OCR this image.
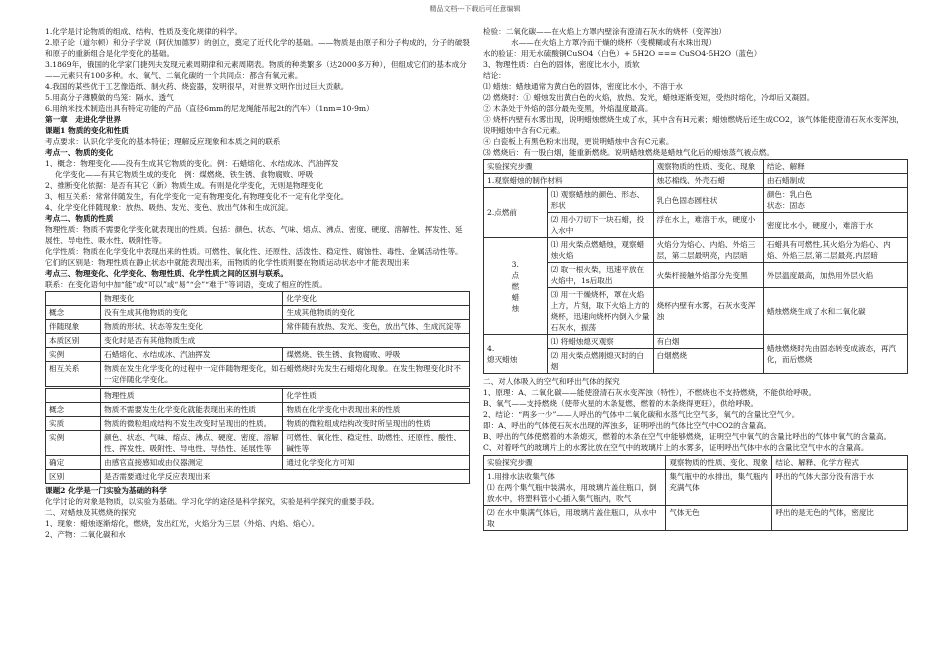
精品文档---下载后可任意编辑

1.化学是讨论物质的组成、结构、性质及变化规律的科学。

2.原子论（道尔顿）和分子学说（阿伏加德罗）的创立，奠定了近代化学的基础。——物质是由原子和分子构成的，分子的破裂和原子的重新组合是化学变化的基础。

3.1869年，俄国的化学家门捷列夫发现元素周期律和元素周期表。物质的种类繁多（达2000多万种），但组成它们的基本成分——元素只有100多种。水、氧气、二氧化碳的一个共同点：都含有氧元素。

4.我国的某些优于工艺像造纸、制火药、烧瓷器，发明很早，对世界文明作出过巨大贡献。

5.用高分子薄膜做的鸟笼：隔水、透气

6.用纳米技术制造出具有特定功能的产品（直径6mm的尼龙绳能吊起2t的汽车）（1nm=10-9m）

第一章　走进化学世界

课题1 物质的变化和性质

考点要求：认识化学变化的基本特征；理解反应现象和本质之间的联系

考点一、物质的变化

1、概念：物理变化——没有生成其它物质的变化。例：石蜡熔化、水结成冰、汽油挥发

化学变化——有其它物质生成的变化　例：煤燃烧、铁生锈、食物腐败、呼吸

2、推断变化依据：是否有其它（新）物质生成。有则是化学变化，无则是物理变化

3、相互关系：常常伴随发生，有化学变化一定有物理变化,有物理变化不一定有化学变化。

4、化学变化伴随现象：放热、吸热、发光、变色、放出气体和生成沉淀。

考点二、物质的性质

物理性质：物质不需要化学变化就表现出的性质。包括：颜色、状态、气味、熔点、沸点、密度、硬度、溶解性、挥发性、延展性、导电性、吸水性、吸附性等。

化学性质：物质在化学变化中表现出来的性质。可燃性、氧化性、还原性、活泼性、稳定性、腐蚀性、毒性、金属活动性等。

它们的区别是：物理性质在静止状态中就能表现出来，而物质的化学性质则要在物质运动状态中才能表现出来

考点三、物理变化、化学变化、物理性质、化学性质之间的区别与联系。

联系：在变化语句中加“能”或“可以”或“易”“会”“难于”等词语，变成了相应的性质。

	物理变化	化学变化
概念	没有生成其他物质的变化	生成其他物质的变化
伴随现象	物质的形状、状态等发生变化	常伴随有放热、发光、变色，放出气体、生成沉淀等
本质区别	变化时是否有其他物质生成	
实例	石蜡熔化、水结成冰、汽油挥发	煤燃烧、铁生锈、食物腐败、呼吸
相互关系	物质在发生化学变化的过程中一定伴随物理变化，如石蜡燃烧时先发生石蜡熔化现象。在发生物理变化时不一定伴随化学变化。	
	物理性质	化学性质
概念	物质不需要发生化学变化就能表现出来的性质	物质在化学变化中表现出来的性质
实质	物质的微粒组成结构不发生改变时呈现出的性质。	物质的微粒组成结构改变时所呈现出的性质
实例	颜色、状态、气味、熔点、沸点、硬度、密度、溶解性、挥发性、吸附性、导电性、导热性、延展性等	可燃性、氧化性、稳定性、助燃性、还原性、酸性、碱性等
确定	由感官直接感知或由仪器测定	通过化学变化方可知
区别	是否需要通过化学反应表现出来	

课题2 化学是一门实验为基础的科学

化学讨论的对象是物质，以实验为基础。学习化学的途径是科学探究，实验是科学探究的重要手段。

二、对蜡烛及其燃烧的探究

1、现象：蜡烛逐渐熔化，燃烧，发出红光，火焰分为三层（外焰、内焰、焰心）。

2、产物：二氧化碳和水

检验：二氧化碳——在火焰上方罩内壁涂有澄清石灰水的烧杯（变浑浊）

水——在火焰上方罩冷而干燥的烧杯（变模糊或有水珠出现）

水的验证：用无水硫酸铜CuSO4（白色）+ 5H2O === CuSO4·5H2O（蓝色）

3、物理性质：白色的固体，密度比水小，质软

结论：

⑴ 蜡烛：蜡烛通常为黄白色的固体，密度比水小，不溶于水

⑵ 燃烧时：① 蜡烛发出黄白色的火焰，放热、发光，蜡烛逐渐变短，受热时熔化，冷却后又凝固。

② 木条处于外焰的部分最先变黑，外焰温度最高。

③ 烧杯内壁有水雾出现，说明蜡烛燃烧生成了水，其中含有H元素；蜡烛燃烧后还生成CO2，该气体能使澄清石灰水变浑浊，说明蜡烛中含有C元素。

④ 白瓷板上有黑色粉末出现，更说明蜡烛中含有C元素。

⑶ 燃烧后：有一股白烟，能重新燃烧。说明蜡烛燃烧是蜡烛气化后的蜡烛蒸气被点燃。

实验探究步骤		观察物质的性质、变化、现象	结论、解释
1.观察蜡烛的制作材料		烛芯棉线、外壳石蜡	由石蜡制成
2.点燃前	⑴ 观察蜡烛的颜色、形态、形状	乳白色固态圆柱状	颜色：乳白色
状态：固态
	⑵ 用小刀切下一块石蜡，投入水中	浮在水上，难溶于水，硬度小	密度比水小，硬度小，难溶于水
3.
点
燃
蜡
烛	⑴ 用火柴点燃蜡烛，观察蜡烛火焰	火焰分为焰心、内焰、外焰三层，第二层最明亮，内层暗	石蜡具有可燃性,其火焰分为焰心、内焰、外焰三层,第二层最亮,内层暗
	⑵ 取一根火柴，迅速平放在火焰中，1s后取出	火柴杆接触外焰部分先变黑	外层温度最高，加热用外层火焰
	⑶ 用一干燥烧杯，罩在火焰上方，片刻，取下火焰上方的烧杯，迅速向烧杯内倒入少量石灰水，振荡	烧杯内壁有水雾，石灰水变浑浊	蜡烛燃烧生成了水和二氧化碳
4.
熄灭蜡烛	⑴ 将蜡烛熄灭观察	有白烟	蜡烛燃烧时先由固态转变成液态，再汽化，而后燃烧
	⑵ 用火柴点燃刚熄灭时的白烟	白烟燃烧	

二、对人体吸入的空气和呼出气体的探究

1、原理：A、二氧化碳——能使澄清石灰水变浑浊（特性），不燃烧也不支持燃烧，不能供给呼吸。

B、氧气——支持燃烧（使带火星的木条复燃、燃着的木条烧得更旺），供给呼吸。

2、结论：“两多一少”——人呼出的气体中二氧化碳和水蒸气比空气多，氧气的含量比空气少。

即：A、呼出的气体使石灰水出现的浑浊多，证明呼出的气体比空气中CO2的含量高。

B、呼出的气体使燃着的木条熄灭，燃着的木条在空气中能够燃烧，证明空气中氧气的含量比呼出的气体中氧气的含量高。

C、对着呼气的玻璃片上的水雾比放在空气中的玻璃片上的水雾多，证明呼出气体中水的含量比空气中水的含量高。

实验探究步骤	观察物质的性质、变化、现象	结论、解释、化学方程式
1.用排水法收集气体
⑴ 在两个集气瓶中装满水，用玻璃片盖住瓶口，倒放水中，将塑料管小心插入集气瓶内，吹气	集气瓶中的水排出，集气瓶内充满气体	呼出的气体大部分没有溶于水
⑵ 在水中集满气体后，用玻璃片盖住瓶口，从水中取	气体无色	呼出的是无色的气体，密度比
